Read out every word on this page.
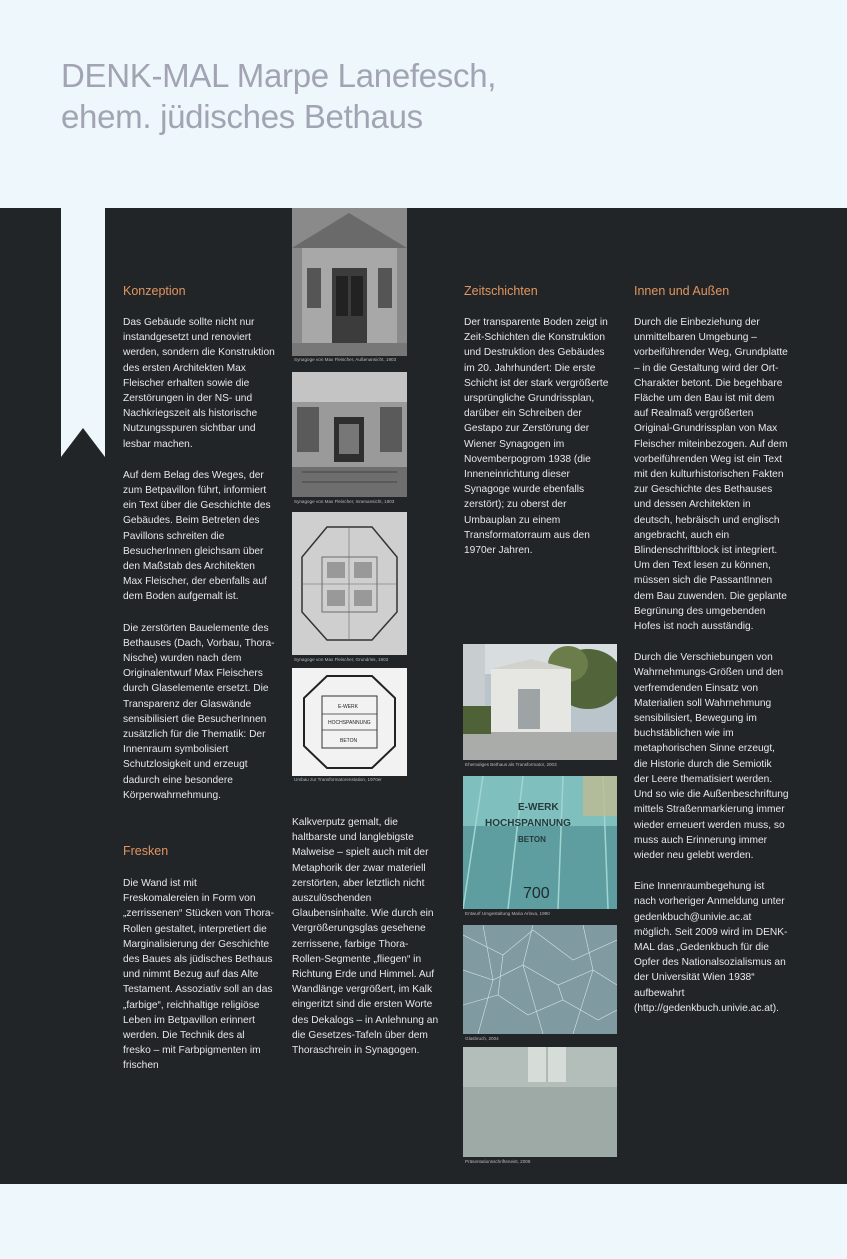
DENK-MAL Marpe Lanefesch,
ehem. jüdisches Bethaus
Konzeption

Das Gebäude sollte nicht nur instandgesetzt und renoviert werden, sondern die Konstruktion des ersten Architekten Max Fleischer erhalten sowie die Zerstörungen in der NS- und Nachkriegszeit als historische Nutzungsspuren sichtbar und lesbar machen.

Auf dem Belag des Weges, der zum Betpavillon führt, informiert ein Text über die Geschichte des Gebäudes. Beim Betreten des Pavillons schreiten die BesucherInnen gleichsam über den Maßstab des Architekten Max Fleischer, der ebenfalls auf dem Boden aufgemalt ist.

Die zerstörten Bauelemente des Bethauses (Dach, Vorbau, Thora-Nische) wurden nach dem Originalentwurf Max Fleischers durch Glaselemente ersetzt. Die Transparenz der Glaswände sensibilisiert die BesucherInnen zusätzlich für die Thematik: Der Innenraum symbolisiert Schutzlosigkeit und erzeugt dadurch eine besondere Körperwahrnehmung.

Fresken

Die Wand ist mit Freskomalereien in Form von „zerrissenen“ Stücken von Thora-Rollen gestaltet, interpretiert die Marginalisierung der Geschichte des Baues als jüdisches Bethaus und nimmt Bezug auf das Alte Testament. Assoziativ soll an das „farbige“, reichhaltige religiöse Leben im Betpavillon erinnert werden. Die Technik des al fresko – mit Farbpigmenten im frischen

Synagoge von Max Fleischer, Außenansicht, 1903
Synagoge von Max Fleischer, Innenansicht, 1903
Synagoge von Max Fleischer, Grundriss, 1903
E-WERK
HOCHSPANNUNG
BETON
Umbau zur Transformatorenstation, 1970er

Kalkverputz gemalt, die haltbarste und langlebigste Malweise – spielt auch mit der Metaphorik der zwar materiell zerstörten, aber letztlich nicht auszulöschenden Glaubensinhalte. Wie durch ein Vergrößerungsglas gesehene zerrissene, farbige Thora-Rollen-Segmente „fliegen“ in Richtung Erde und Himmel. Auf Wandlänge vergrößert, im Kalk eingeritzt sind die ersten Worte des Dekalogs – in Anlehnung an die Gesetzes-Tafeln über dem Thoraschrein in Synagogen.

Zeitschichten

Der transparente Boden zeigt in Zeit-Schichten die Konstruktion und Destruktion des Gebäudes im 20. Jahrhundert: Die erste Schicht ist der stark vergrößerte ursprüngliche Grundrissplan, darüber ein Schreiben der Gestapo zur Zerstörung der Wiener Synagogen im Novemberpogrom 1938 (die Inneneinrichtung dieser Synagoge wurde ebenfalls zerstört); zu oberst der Umbauplan zu einem Transformatorraum aus den 1970er Jahren.

Ehemaliges Bethaus als Transformator, 2003
E-WERK
HOCHSPANNUNG
BETON
700
Entwurf Umgestaltung Maria Arlova, 1990
Glasbruch, 2004
Präsentationsschrifteneist, 2008
Innen und Außen

Durch die Einbeziehung der unmittelbaren Umgebung – vorbeiführender Weg, Grundplatte – in die Gestaltung wird der Ort-Charakter betont. Die begehbare Fläche um den Bau ist mit dem auf Realmaß vergrößerten Original-Grundrissplan von Max Fleischer miteinbezogen. Auf dem vorbeiführenden Weg ist ein Text mit den kulturhistorischen Fakten zur Geschichte des Bethauses und dessen Architekten in deutsch, hebräisch und englisch angebracht, auch ein Blindenschriftblock ist integriert. Um den Text lesen zu können, müssen sich die PassantInnen dem Bau zuwenden. Die geplante Begrünung des umgebenden Hofes ist noch ausständig.

Durch die Verschiebungen von Wahrnehmungs-Größen und den verfremdenden Einsatz von Materialien soll Wahrnehmung sensibilisiert, Bewegung im buchstäblichen wie im metaphorischen Sinne erzeugt, die Historie durch die Semiotik der Leere thematisiert werden. Und so wie die Außenbeschriftung mittels Straßenmarkierung immer wieder erneuert werden muss, so muss auch Erinnerung immer wieder neu gelebt werden.

Eine Innenraumbegehung ist nach vorheriger Anmeldung unter gedenkbuch@univie.ac.at möglich. Seit 2009 wird im DENK-MAL das „Gedenkbuch für die Opfer des Nationalsozialismus an der Universität Wien 1938“ aufbewahrt (http://gedenkbuch.univie.ac.at).
